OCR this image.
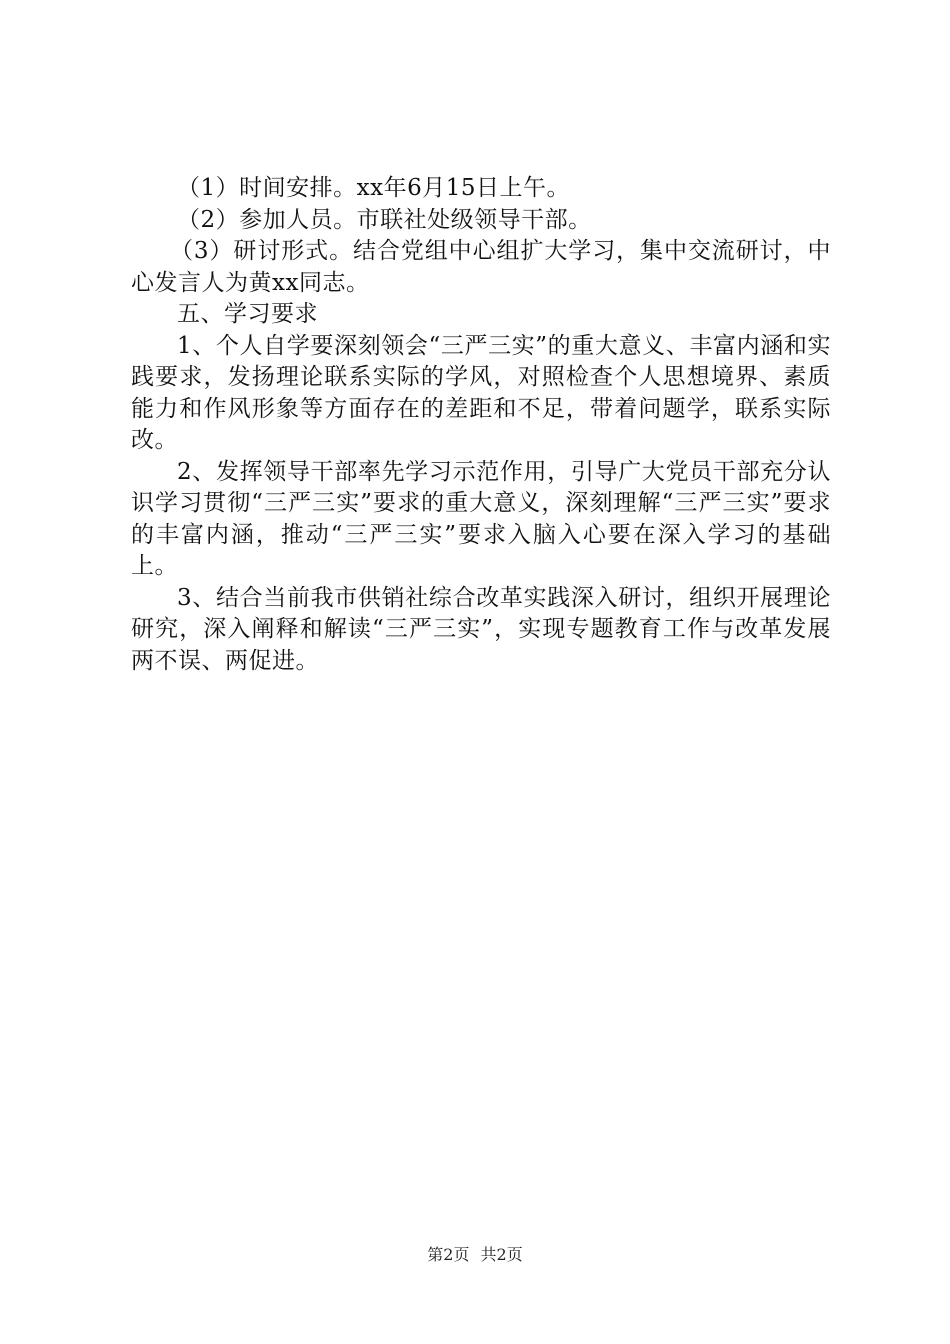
（1）时间安排。xx年6月15日上午。

（2）参加人员。市联社处级领导干部。

（3）研讨形式。结合党组中心组扩大学习，集中交流研讨，中心发言人为黄xx同志。

五、学习要求

1、个人自学要深刻领会“三严三实”的重大意义、丰富内涵和实践要求，发扬理论联系实际的学风，对照检查个人思想境界、素质能力和作风形象等方面存在的差距和不足，带着问题学，联系实际改。

2、发挥领导干部率先学习示范作用，引导广大党员干部充分认识学习贯彻“三严三实”要求的重大意义，深刻理解“三严三实”要求的丰富内涵，推动“三严三实”要求入脑入心要在深入学习的基础上。

3、结合当前我市供销社综合改革实践深入研讨，组织开展理论研究，深入阐释和解读“三严三实”，实现专题教育工作与改革发展两不误、两促进。

第2页 共2页
